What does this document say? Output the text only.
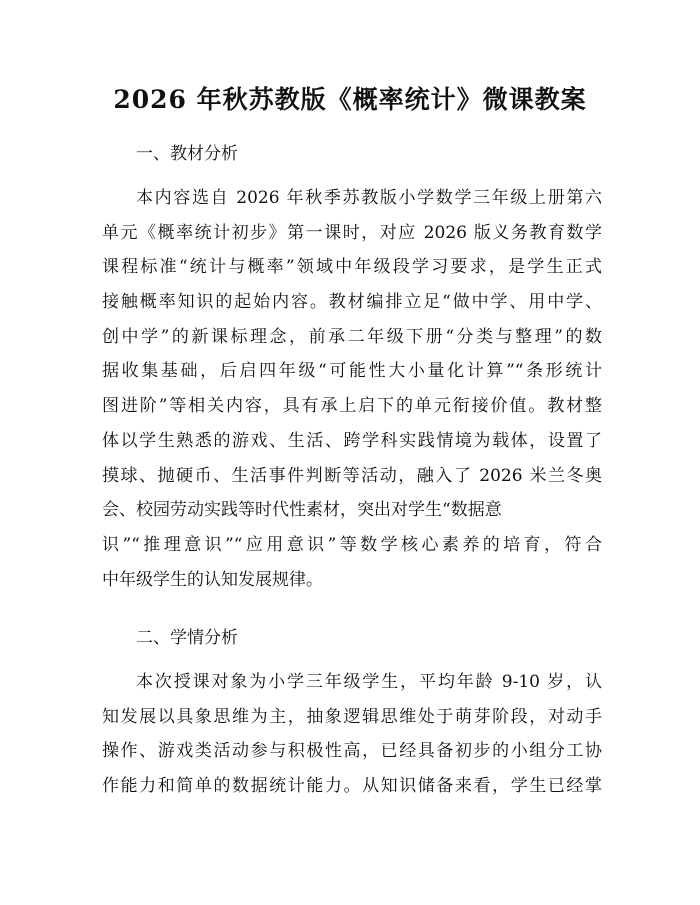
2026 年秋苏教版《概率统计》微课教案
一、教材分析
本内容选自 2026 年秋季苏教版小学数学三年级上册第六
单元《概率统计初步》第一课时，对应 2026 版义务教育数学
课程标准“统计与概率”领域中年级段学习要求，是学生正式
接触概率知识的起始内容。教材编排立足“做中学、用中学、
创中学”的新课标理念，前承二年级下册“分类与整理”的数
据收集基础，后启四年级“可能性大小量化计算”“条形统计
图进阶”等相关内容，具有承上启下的单元衔接价值。教材整
体以学生熟悉的游戏、生活、跨学科实践情境为载体，设置了
摸球、抛硬币、生活事件判断等活动，融入了 2026 米兰冬奥
会、校园劳动实践等时代性素材，突出对学生“数据意
识”“推理意识”“应用意识”等数学核心素养的培育，符合
中年级学生的认知发展规律。
二、学情分析
本次授课对象为小学三年级学生，平均年龄 9-10 岁，认
知发展以具象思维为主，抽象逻辑思维处于萌芽阶段，对动手
操作、游戏类活动参与积极性高，已经具备初步的小组分工协
作能力和简单的数据统计能力。从知识储备来看，学生已经掌
